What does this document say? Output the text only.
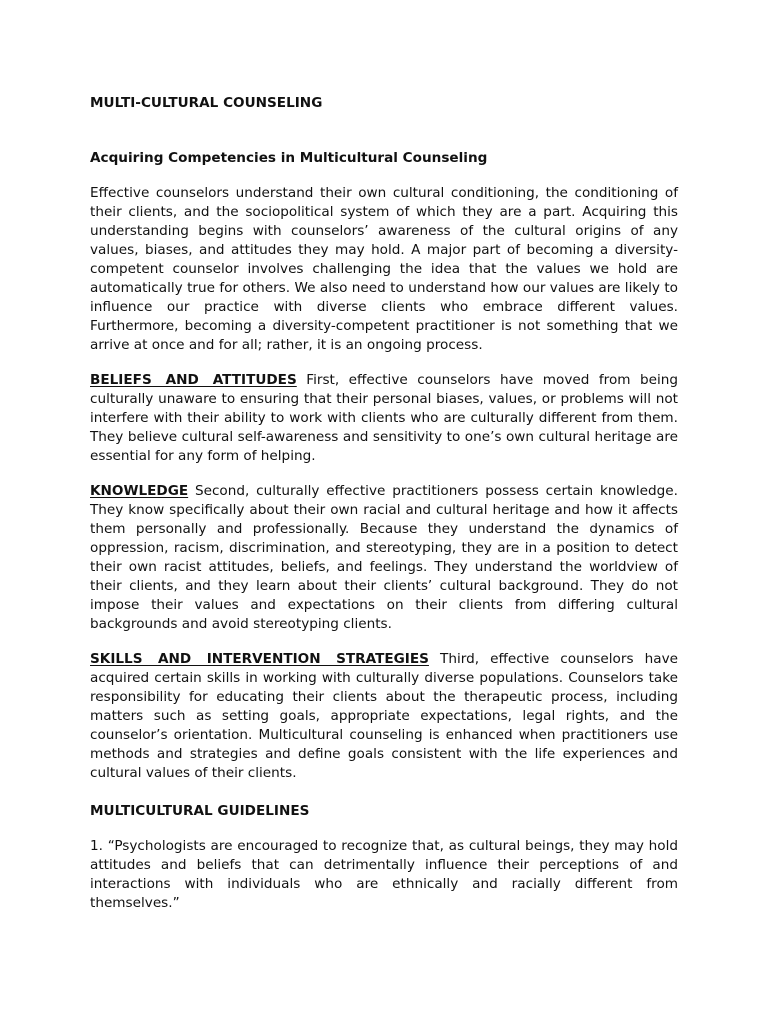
MULTI-CULTURAL COUNSELING
Acquiring Competencies in Multicultural Counseling

Effective counselors understand their own cultural conditioning, the conditioning of their clients, and the sociopolitical system of which they are a part. Acquiring this understanding begins with counselors’ awareness of the cultural origins of any values, biases, and attitudes they may hold. A major part of becoming a diversity-competent counselor involves challenging the idea that the values we hold are automatically true for others. We also need to understand how our values are likely to influence our practice with diverse clients who embrace different values. Furthermore, becoming a diversity-competent practitioner is not something that we arrive at once and for all; rather, it is an ongoing process.

BELIEFS AND ATTITUDES First, effective counselors have moved from being culturally unaware to ensuring that their personal biases, values, or problems will not interfere with their ability to work with clients who are culturally different from them. They believe cultural self-awareness and sensitivity to one’s own cultural heritage are essential for any form of helping.

KNOWLEDGE Second, culturally effective practitioners possess certain knowledge. They know specifically about their own racial and cultural heritage and how it affects them personally and professionally. Because they understand the dynamics of oppression, racism, discrimination, and stereotyping, they are in a position to detect their own racist attitudes, beliefs, and feelings. They understand the worldview of their clients, and they learn about their clients’ cultural background. They do not impose their values and expectations on their clients from differing cultural backgrounds and avoid stereotyping clients.

SKILLS AND INTERVENTION STRATEGIES Third, effective counselors have acquired certain skills in working with culturally diverse populations. Counselors take responsibility for educating their clients about the therapeutic process, including matters such as setting goals, appropriate expectations, legal rights, and the counselor’s orientation. Multicultural counseling is enhanced when practitioners use methods and strategies and define goals consistent with the life experiences and cultural values of their clients.

MULTICULTURAL GUIDELINES

1. “Psychologists are encouraged to recognize that, as cultural beings, they may hold attitudes and beliefs that can detrimentally influence their perceptions of and interactions with individuals who are ethnically and racially different from themselves.”
